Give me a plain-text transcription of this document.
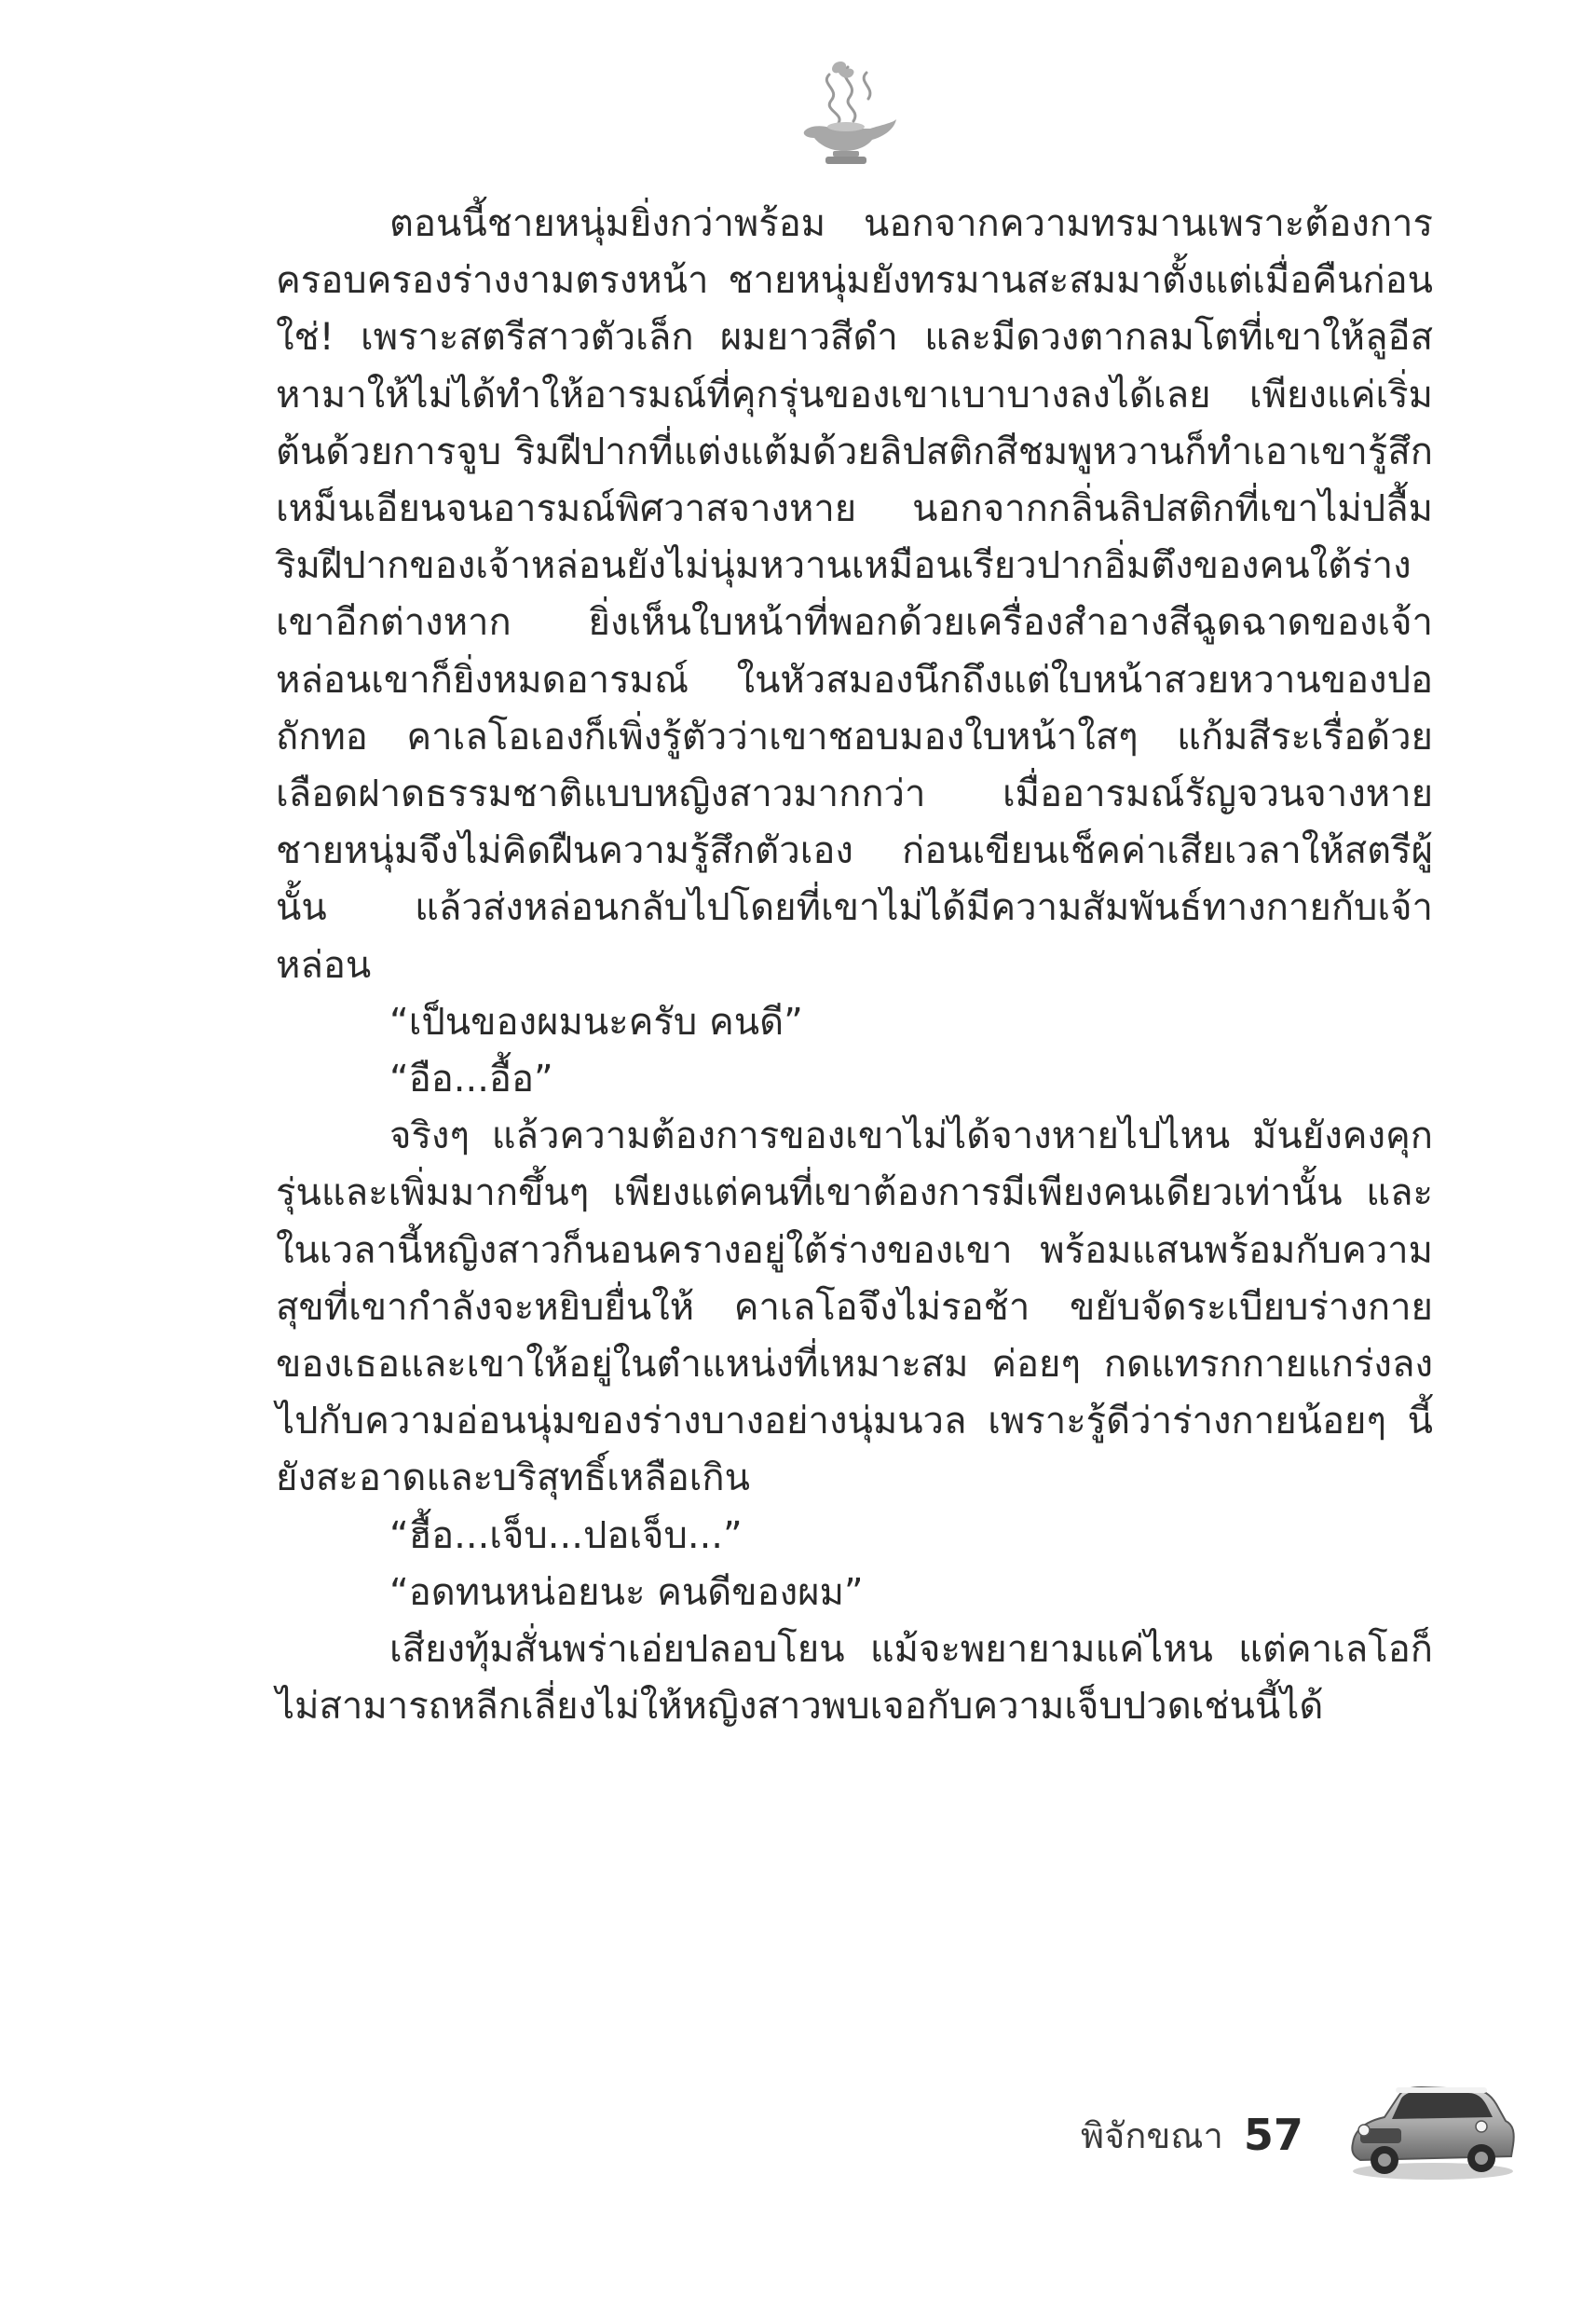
ตอนนี้ชายหนุ่มยิ่งกว่าพร้อม นอกจากความทรมานเพราะต้องการครอบครองร่างงามตรงหน้า ชายหนุ่มยังทรมานสะสมมาตั้งแต่เมื่อคืนก่อน ใช่! เพราะสตรีสาวตัวเล็ก ผมยาวสีดำ และมีดวงตากลมโตที่เขาให้ลูอีสหามาให้ไม่ได้ทำให้อารมณ์ที่คุกรุ่นของเขาเบาบางลงได้เลย เพียงแค่เริ่มต้นด้วยการจูบ ริมฝีปากที่แต่งแต้มด้วยลิปสติกสีชมพูหวานก็ทำเอาเขารู้สึกเหม็นเอียนจนอารมณ์พิศวาสจางหาย นอกจากกลิ่นลิปสติกที่เขาไม่ปลื้ม ริมฝีปากของเจ้าหล่อนยังไม่นุ่มหวานเหมือนเรียวปากอิ่มตึงของคนใต้ร่างเขาอีกต่างหาก ยิ่งเห็นใบหน้าที่พอกด้วยเครื่องสำอางสีฉูดฉาดของเจ้าหล่อนเขาก็ยิ่งหมดอารมณ์ ในหัวสมองนึกถึงแต่ใบหน้าสวยหวานของปอถักทอ คาเลโอเองก็เพิ่งรู้ตัวว่าเขาชอบมองใบหน้าใสๆ แก้มสีระเรื่อด้วยเลือดฝาดธรรมชาติแบบหญิงสาวมากกว่า เมื่ออารมณ์รัญจวนจางหาย ชายหนุ่มจึงไม่คิดฝืนความรู้สึกตัวเอง ก่อนเขียนเช็คค่าเสียเวลาให้สตรีผู้นั้น แล้วส่งหล่อนกลับไปโดยที่เขาไม่ได้มีความสัมพันธ์ทางกายกับเจ้าหล่อน

“เป็นของผมนะครับ คนดี”

“อือ...อื้อ”

จริงๆ แล้วความต้องการของเขาไม่ได้จางหายไปไหน มันยังคงคุกรุ่นและเพิ่มมากขึ้นๆ เพียงแต่คนที่เขาต้องการมีเพียงคนเดียวเท่านั้น และในเวลานี้หญิงสาวก็นอนครางอยู่ใต้ร่างของเขา พร้อมแสนพร้อมกับความสุขที่เขากำลังจะหยิบยื่นให้ คาเลโอจึงไม่รอช้า ขยับจัดระเบียบร่างกายของเธอและเขาให้อยู่ในตำแหน่งที่เหมาะสม ค่อยๆ กดแทรกกายแกร่งลงไปกับความอ่อนนุ่มของร่างบางอย่างนุ่มนวล เพราะรู้ดีว่าร่างกายน้อยๆ นี้ยังสะอาดและบริสุทธิ์เหลือเกิน

“ฮื้อ...เจ็บ...ปอเจ็บ...”

“อดทนหน่อยนะ คนดีของผม”

เสียงทุ้มสั่นพร่าเอ่ยปลอบโยน แม้จะพยายามแค่ไหน แต่คาเลโอก็ไม่สามารถหลีกเลี่ยงไม่ให้หญิงสาวพบเจอกับความเจ็บปวดเช่นนี้ได้

พิจักขณา 57
